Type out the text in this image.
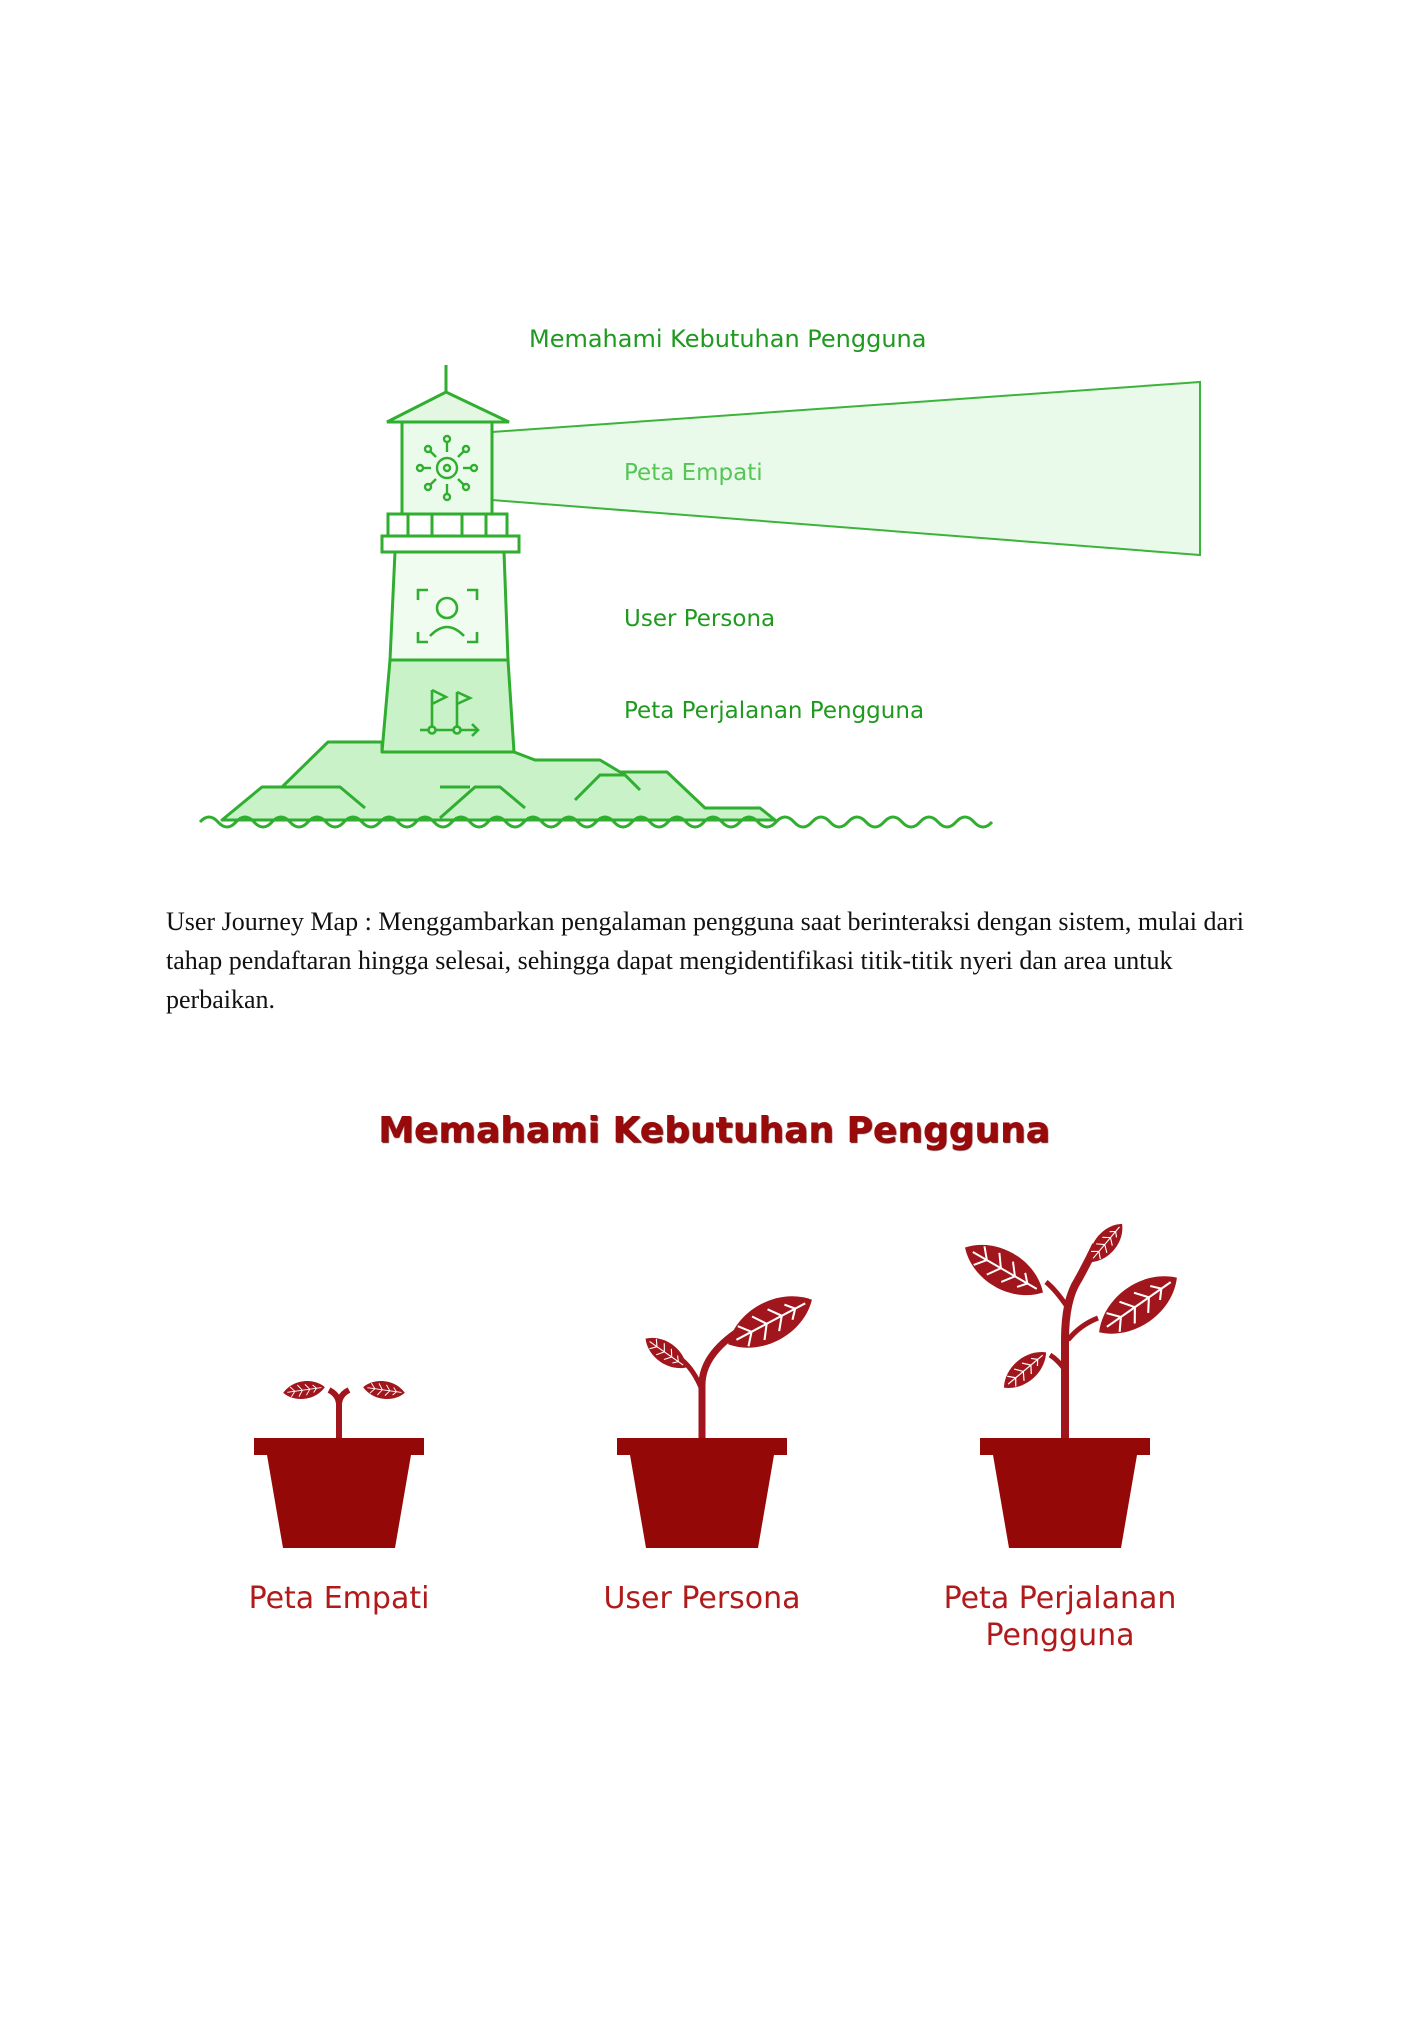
Memahami Kebutuhan Pengguna
Peta Empati
User Persona
Peta Perjalanan Pengguna

User Journey Map : Menggambarkan pengalaman pengguna saat berinteraksi dengan sistem, mulai dari tahap pendaftaran hingga selesai, sehingga dapat mengidentifikasi titik-titik nyeri dan area untuk perbaikan.

Memahami Kebutuhan Pengguna
Peta Empati	User Persona	Peta Perjalanan
Pengguna
